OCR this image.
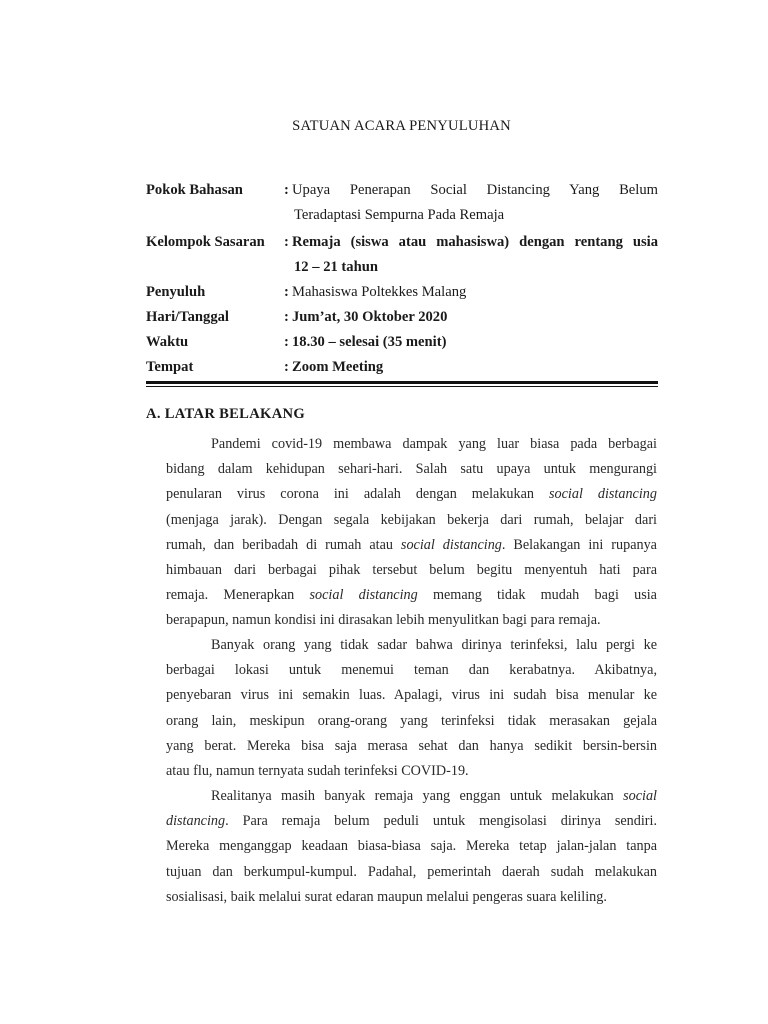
SATUAN ACARA PENYULUHAN
Pokok Bahasan	: Upaya Penerapan Social Distancing Yang Belum
Teradaptasi Sempurna Pada Remaja
Kelompok Sasaran : Remaja (siswa atau mahasiswa) dengan rentang usia
12 – 21 tahun
Penyuluh	: Mahasiswa Poltekkes Malang
Hari/Tanggal	: Jum’at, 30 Oktober 2020
Waktu	: 18.30 – selesai (35 menit)
Tempat	: Zoom Meeting
A. LATAR BELAKANG
Pandemi covid-19 membawa dampak yang luar biasa pada berbagai
bidang dalam kehidupan sehari-hari. Salah satu upaya untuk mengurangi
penularan virus corona ini adalah dengan melakukan social distancing
(menjaga jarak). Dengan segala kebijakan bekerja dari rumah, belajar dari
rumah, dan beribadah di rumah atau social distancing. Belakangan ini rupanya
himbauan dari berbagai pihak tersebut belum begitu menyentuh hati para
remaja. Menerapkan social distancing memang tidak mudah bagi usia
berapapun, namun kondisi ini dirasakan lebih menyulitkan bagi para remaja.
Banyak orang yang tidak sadar bahwa dirinya terinfeksi, lalu pergi ke
berbagai lokasi untuk menemui teman dan kerabatnya. Akibatnya,
penyebaran virus ini semakin luas. Apalagi, virus ini sudah bisa menular ke
orang lain, meskipun orang-orang yang terinfeksi tidak merasakan gejala
yang berat. Mereka bisa saja merasa sehat dan hanya sedikit bersin-bersin
atau flu, namun ternyata sudah terinfeksi COVID-19.
Realitanya masih banyak remaja yang enggan untuk melakukan social
distancing. Para remaja belum peduli untuk mengisolasi dirinya sendiri.
Mereka menganggap keadaan biasa-biasa saja. Mereka tetap jalan-jalan tanpa
tujuan dan berkumpul-kumpul. Padahal, pemerintah daerah sudah melakukan
sosialisasi, baik melalui surat edaran maupun melalui pengeras suara keliling.
